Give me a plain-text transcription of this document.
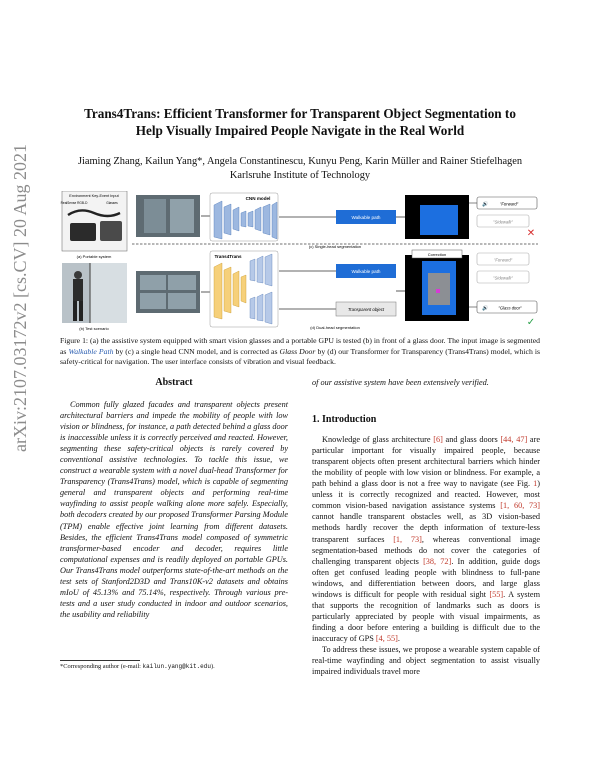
arXiv:2107.03172v2 [cs.CV] 20 Aug 2021
Trans4Trans: Efficient Transformer for Transparent Object Segmentation to
Help Visually Impaired People Navigate in the Real World
Jiaming Zhang, Kailun Yang*, Angela Constantinescu, Kunyu Peng, Karin Müller and Rainer Stiefelhagen
Karlsruhe Institute of Technology
Environment Key-Event Input
RealSense RGB-D	Glasses
(a) Portable system
(b) Test scenario
CNN model
Trans4Trans
(c) Single-head segmentation
(d) Dual-head segmentation
Walkable path
Walkable path
Transparent object
Correction
🔊	"Forward"
"Sidewalk"
✕
"Forward"
"Sidewalk"
🔊 "Glass door"
✓
Figure 1: (a) the assistive system equipped with smart vision glasses and a portable GPU is tested (b) in front of a glass door. The input image is segmented as Walkable Path by (c) a single head CNN model, and is corrected as Glass Door by (d) our Transformer for Transparency (Trans4Trans) model, which is safety-critical for navigation. The user interface consists of vibration and visual feedback.
Abstract

Common fully glazed facades and transparent objects present architectural barriers and impede the mobility of people with low vision or blindness, for instance, a path detected behind a glass door is inaccessible unless it is correctly perceived and reacted. However, segmenting these safety-critical objects is rarely covered by conventional assistive technologies. To tackle this issue, we construct a wearable system with a novel dual-head Transformer for Transparency (Trans4Trans) model, which is capable of segmenting general and transparent objects and performing real-time wayfinding to assist people walking alone more safely. Especially, both decoders created by our proposed Transformer Parsing Module (TPM) enable effective joint learning from different datasets. Besides, the efficient Trans4Trans model composed of symmetric transformer-based encoder and decoder, requires little computational expenses and is readily deployed on portable GPUs. Our Trans4Trans model outperforms state-of-the-art methods on the test sets of Stanford2D3D and Trans10K-v2 datasets and obtains mIoU of 45.13% and 75.14%, respectively. Through various pre-tests and a user study conducted in indoor and outdoor scenarios, the usability and reliability

of our assistive system have been extensively verified.

1. Introduction

Knowledge of glass architecture [6] and glass doors [44, 47] are particular important for visually impaired people, because transparent objects often present architectural barriers which hinder the mobility of people with low vision or blindness. For example, a path behind a glass door is not a free way to navigate (see Fig. 1) unless it is correctly recognized and reacted. However, most common vision-based navigation assistance systems [1, 60, 73] cannot handle transparent obstacles well, as 3D vision-based methods hardly recover the depth information of texture-less transparent surfaces [1, 73], whereas conventional image segmentation-based methods do not cover the categories of challenging transparent objects [38, 72]. In addition, guide dogs often get confused leading people with blindness to full-pane windows, and differentiation between doors, and large glass windows is difficult for people with residual sight [55]. A system that supports the recognition of landmarks such as doors is particularly appreciated by people with visual impairments, as finding a door before entering a building is difficult due to the inaccuracy of GPS [4, 55].

To address these issues, we propose a wearable system capable of real-time wayfinding and object segmentation to assist visually impaired individuals travel more

*Corresponding author (e-mail: kailun.yang@kit.edu).
